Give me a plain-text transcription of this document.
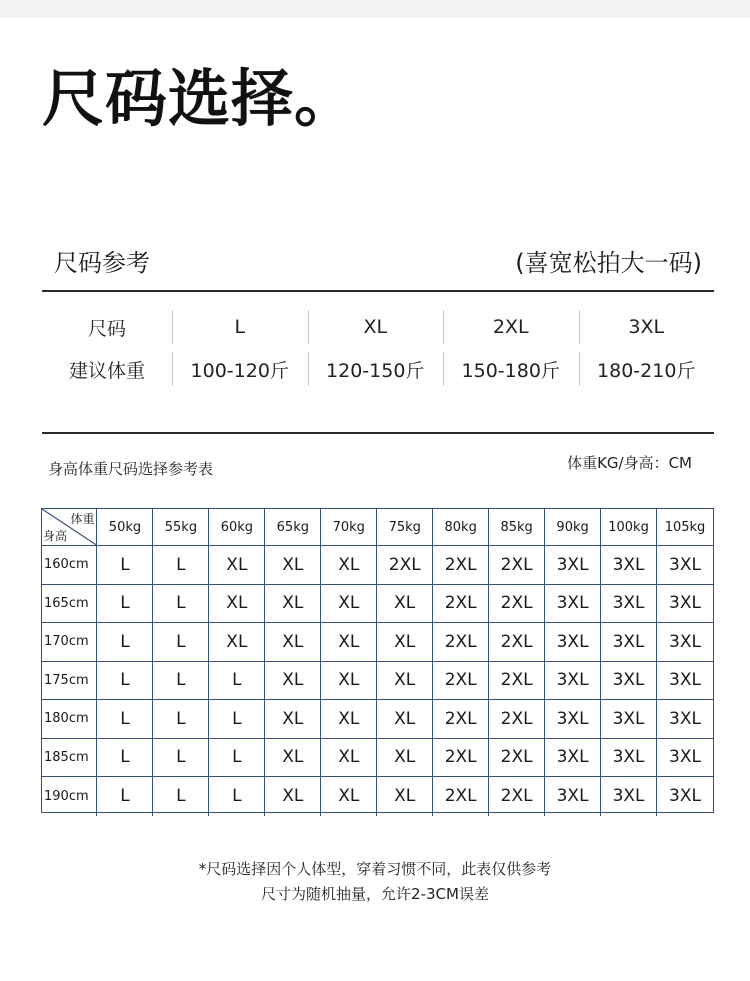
尺码选择。
尺码参考	(喜宽松拍大一码)
尺码	L	XL	2XL	3XL
建议体重	100-120斤	120-150斤	150-180斤	180-210斤
身高体重尺码选择参考表	体重KG/身高：CM
体重
身高
50kg	55kg	60kg	65kg	70kg	75kg	80kg	85kg	90kg	100kg	105kg
160cm	L	L	XL	XL	XL	2XL	2XL	2XL	3XL	3XL	3XL
165cm	L	L	XL	XL	XL	XL	2XL	2XL	3XL	3XL	3XL
170cm	L	L	XL	XL	XL	XL	2XL	2XL	3XL	3XL	3XL
175cm	L	L	L	XL	XL	XL	2XL	2XL	3XL	3XL	3XL
180cm	L	L	L	XL	XL	XL	2XL	2XL	3XL	3XL	3XL
185cm	L	L	L	XL	XL	XL	2XL	2XL	3XL	3XL	3XL
190cm	L	L	L	XL	XL	XL	2XL	2XL	3XL	3XL	3XL
*尺码选择因个人体型，穿着习惯不同，此表仅供参考
尺寸为随机抽量，允许2-3CM误差
